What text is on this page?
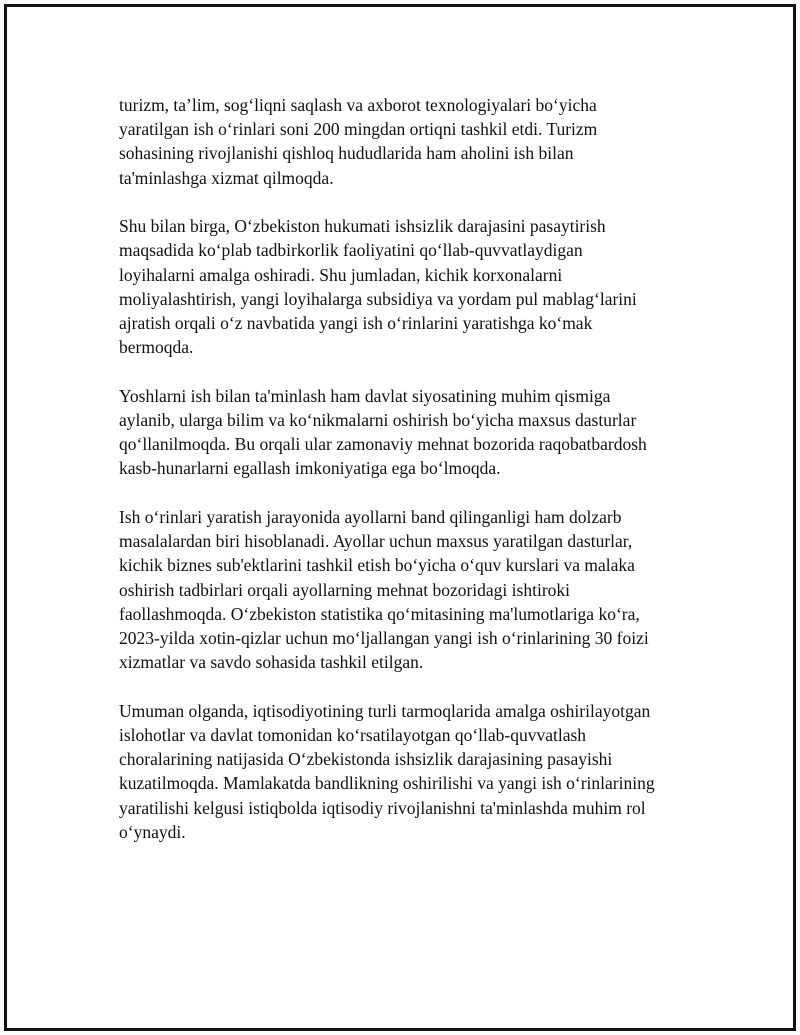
turizm, ta’lim, sog‘liqni saqlash va axborot texnologiyalari bo‘yicha
yaratilgan ish o‘rinlari soni 200 mingdan ortiqni tashkil etdi. Turizm
sohasining rivojlanishi qishloq hududlarida ham aholini ish bilan
ta'minlashga xizmat qilmoqda.

Shu bilan birga, O‘zbekiston hukumati ishsizlik darajasini pasaytirish
maqsadida ko‘plab tadbirkorlik faoliyatini qo‘llab-quvvatlaydigan
loyihalarni amalga oshiradi. Shu jumladan, kichik korxonalarni
moliyalashtirish, yangi loyihalarga subsidiya va yordam pul mablag‘larini
ajratish orqali o‘z navbatida yangi ish o‘rinlarini yaratishga ko‘mak
bermoqda.

Yoshlarni ish bilan ta'minlash ham davlat siyosatining muhim qismiga
aylanib, ularga bilim va ko‘nikmalarni oshirish bo‘yicha maxsus dasturlar
qo‘llanilmoqda. Bu orqali ular zamonaviy mehnat bozorida raqobatbardosh
kasb-hunarlarni egallash imkoniyatiga ega bo‘lmoqda.

Ish o‘rinlari yaratish jarayonida ayollarni band qilinganligi ham dolzarb
masalalardan biri hisoblanadi. Ayollar uchun maxsus yaratilgan dasturlar,
kichik biznes sub'ektlarini tashkil etish bo‘yicha o‘quv kurslari va malaka
oshirish tadbirlari orqali ayollarning mehnat bozoridagi ishtiroki
faollashmoqda. O‘zbekiston statistika qo‘mitasining ma'lumotlariga ko‘ra,
2023-yilda xotin-qizlar uchun mo‘ljallangan yangi ish o‘rinlarining 30 foizi
xizmatlar va savdo sohasida tashkil etilgan.

Umuman olganda, iqtisodiyotining turli tarmoqlarida amalga oshirilayotgan
islohotlar va davlat tomonidan ko‘rsatilayotgan qo‘llab-quvvatlash
choralarining natijasida O‘zbekistonda ishsizlik darajasining pasayishi
kuzatilmoqda. Mamlakatda bandlikning oshirilishi va yangi ish o‘rinlarining
yaratilishi kelgusi istiqbolda iqtisodiy rivojlanishni ta'minlashda muhim rol
o‘ynaydi.
